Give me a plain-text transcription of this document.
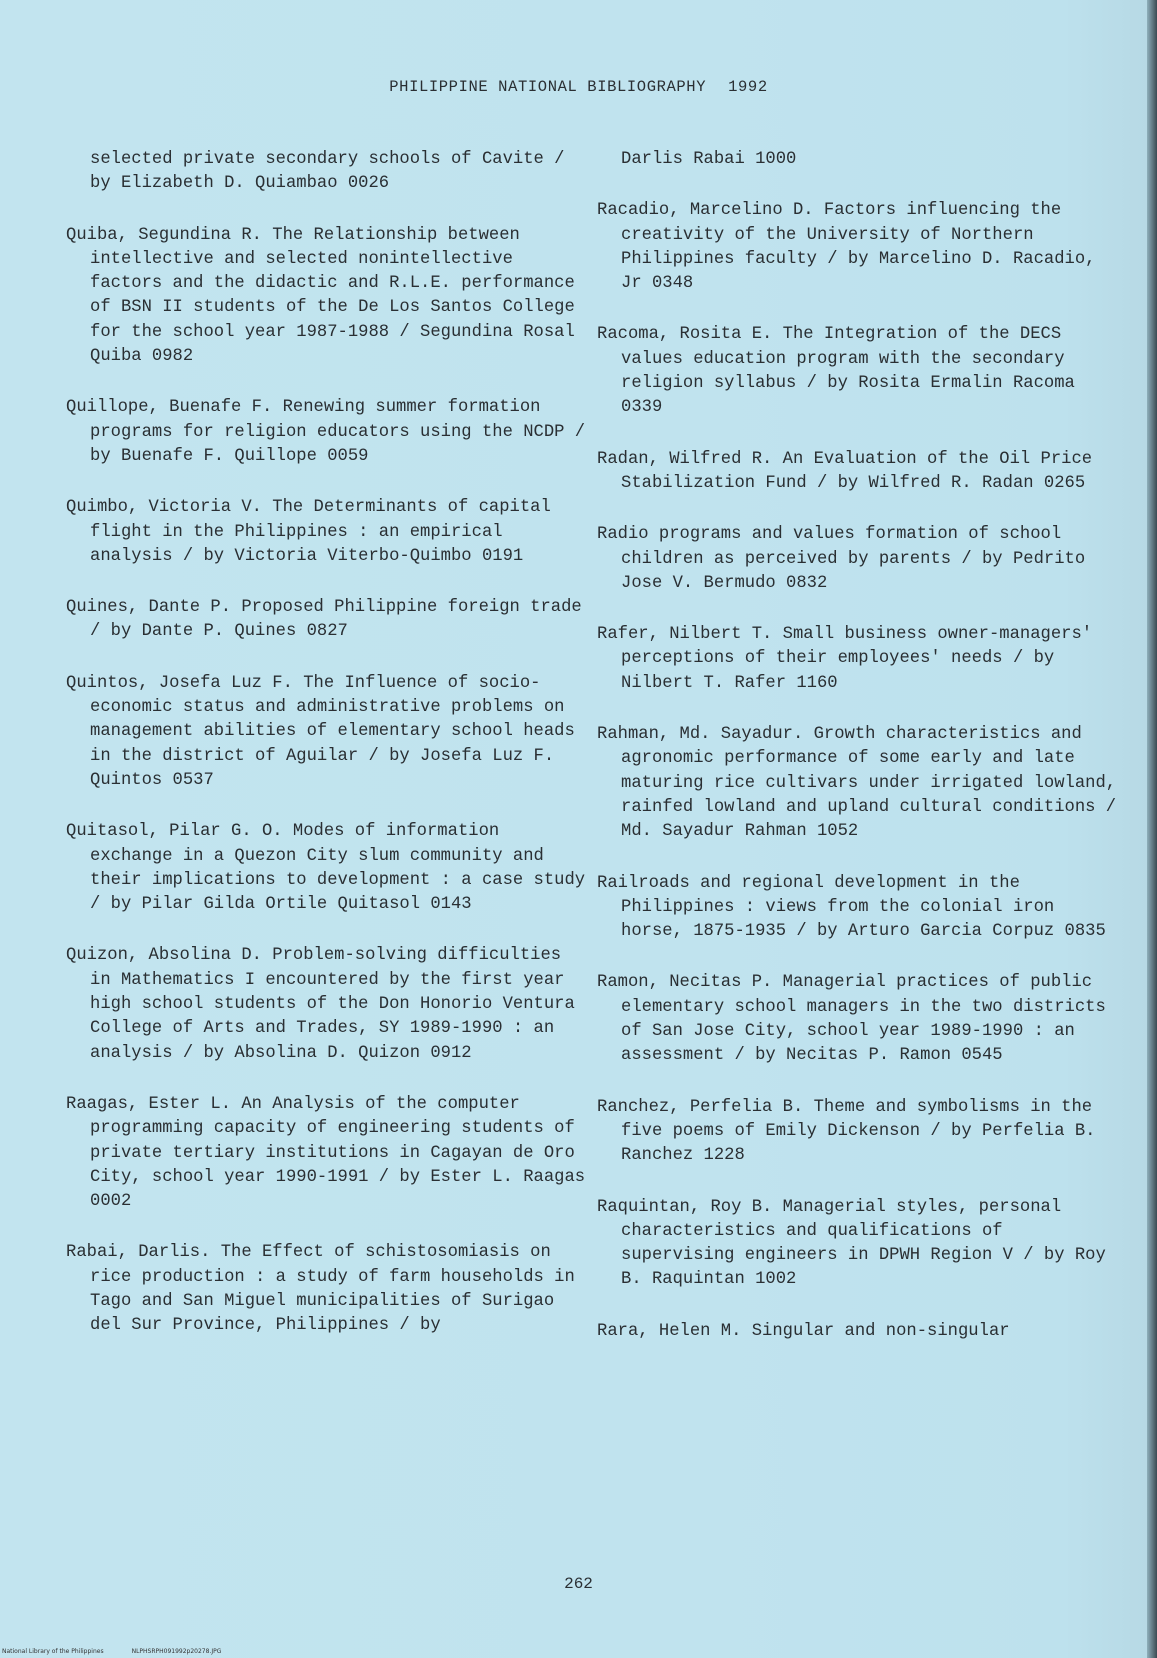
PHILIPPINE NATIONAL BIBLIOGRAPHY 1992

selected private secondary schools of Cavite / by Elizabeth D. Quiambao 0026

Quiba, Segundina R. The Relationship between intellective and selected nonintellective factors and the didactic and R.L.E. performance of BSN II students of the De Los Santos College for the school year 1987-1988 / Segundina Rosal Quiba 0982

Quillope, Buenafe F. Renewing summer formation programs for religion educators using the NCDP / by Buenafe F. Quillope 0059

Quimbo, Victoria V. The Determinants of capital flight in the Philippines : an empirical analysis / by Victoria Viterbo-Quimbo 0191

Quines, Dante P. Proposed Philippine foreign trade / by Dante P. Quines 0827

Quintos, Josefa Luz F. The Influence of socio-economic status and administrative problems on management abilities of elementary school heads in the district of Aguilar / by Josefa Luz F. Quintos 0537

Quitasol, Pilar G. O. Modes of information exchange in a Quezon City slum community and their implications to development : a case study / by Pilar Gilda Ortile Quitasol 0143

Quizon, Absolina D. Problem-solving difficulties in Mathematics I encountered by the first year high school students of the Don Honorio Ventura College of Arts and Trades, SY 1989-1990 : an analysis / by Absolina D. Quizon 0912

Raagas, Ester L. An Analysis of the computer programming capacity of engineering students of private tertiary institutions in Cagayan de Oro City, school year 1990-1991 / by Ester L. Raagas 0002

Rabai, Darlis. The Effect of schistosomiasis on rice production : a study of farm households in Tago and San Miguel municipalities of Surigao del Sur Province, Philippines / by

Darlis Rabai 1000

Racadio, Marcelino D. Factors influencing the creativity of the University of Northern Philippines faculty / by Marcelino D. Racadio, Jr 0348

Racoma, Rosita E. The Integration of the DECS values education program with the secondary religion syllabus / by Rosita Ermalin Racoma 0339

Radan, Wilfred R. An Evaluation of the Oil Price Stabilization Fund / by Wilfred R. Radan 0265

Radio programs and values formation of school children as perceived by parents / by Pedrito Jose V. Bermudo 0832

Rafer, Nilbert T. Small business owner-managers' perceptions of their employees' needs / by Nilbert T. Rafer 1160

Rahman, Md. Sayadur. Growth characteristics and agronomic performance of some early and late maturing rice cultivars under irrigated lowland, rainfed lowland and upland cultural conditions / Md. Sayadur Rahman 1052

Railroads and regional development in the Philippines : views from the colonial iron horse, 1875-1935 / by Arturo Garcia Corpuz 0835

Ramon, Necitas P. Managerial practices of public elementary school managers in the two districts of San Jose City, school year 1989-1990 : an assessment / by Necitas P. Ramon 0545

Ranchez, Perfelia B. Theme and symbolisms in the five poems of Emily Dickenson / by Perfelia B. Ranchez 1228

Raquintan, Roy B. Managerial styles, personal characteristics and qualifications of supervising engineers in DPWH Region V / by Roy B. Raquintan 1002

Rara, Helen M. Singular and non-singular

262
National Library of the Philippines	NLPHSRPH091992p20278.JPG
